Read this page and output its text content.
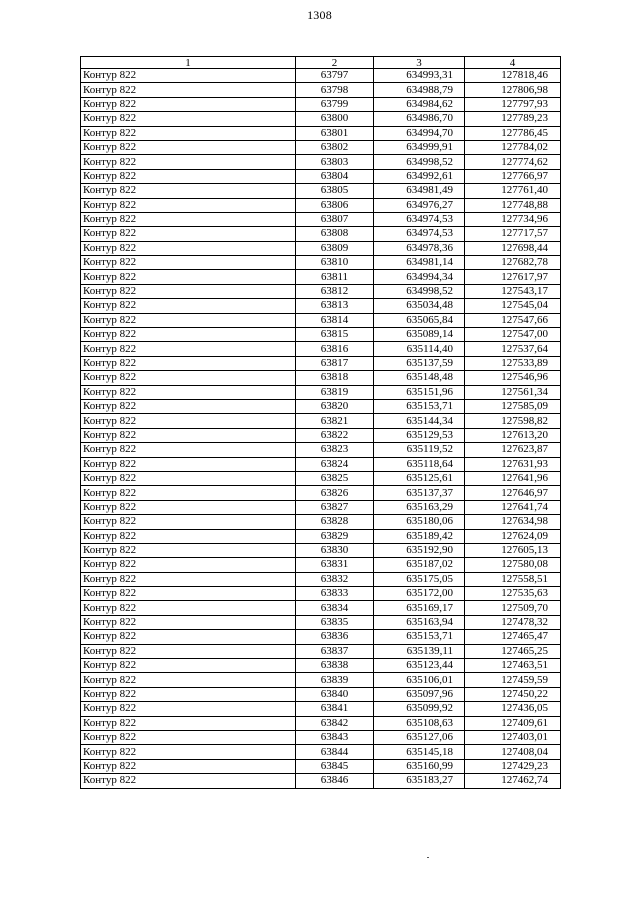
1308
1	2	3	4
Контур 822	63797	634993,31	127818,46
Контур 822	63798	634988,79	127806,98
Контур 822	63799	634984,62	127797,93
Контур 822	63800	634986,70	127789,23
Контур 822	63801	634994,70	127786,45
Контур 822	63802	634999,91	127784,02
Контур 822	63803	634998,52	127774,62
Контур 822	63804	634992,61	127766,97
Контур 822	63805	634981,49	127761,40
Контур 822	63806	634976,27	127748,88
Контур 822	63807	634974,53	127734,96
Контур 822	63808	634974,53	127717,57
Контур 822	63809	634978,36	127698,44
Контур 822	63810	634981,14	127682,78
Контур 822	63811	634994,34	127617,97
Контур 822	63812	634998,52	127543,17
Контур 822	63813	635034,48	127545,04
Контур 822	63814	635065,84	127547,66
Контур 822	63815	635089,14	127547,00
Контур 822	63816	635114,40	127537,64
Контур 822	63817	635137,59	127533,89
Контур 822	63818	635148,48	127546,96
Контур 822	63819	635151,96	127561,34
Контур 822	63820	635153,71	127585,09
Контур 822	63821	635144,34	127598,82
Контур 822	63822	635129,53	127613,20
Контур 822	63823	635119,52	127623,87
Контур 822	63824	635118,64	127631,93
Контур 822	63825	635125,61	127641,96
Контур 822	63826	635137,37	127646,97
Контур 822	63827	635163,29	127641,74
Контур 822	63828	635180,06	127634,98
Контур 822	63829	635189,42	127624,09
Контур 822	63830	635192,90	127605,13
Контур 822	63831	635187,02	127580,08
Контур 822	63832	635175,05	127558,51
Контур 822	63833	635172,00	127535,63
Контур 822	63834	635169,17	127509,70
Контур 822	63835	635163,94	127478,32
Контур 822	63836	635153,71	127465,47
Контур 822	63837	635139,11	127465,25
Контур 822	63838	635123,44	127463,51
Контур 822	63839	635106,01	127459,59
Контур 822	63840	635097,96	127450,22
Контур 822	63841	635099,92	127436,05
Контур 822	63842	635108,63	127409,61
Контур 822	63843	635127,06	127403,01
Контур 822	63844	635145,18	127408,04
Контур 822	63845	635160,99	127429,23
Контур 822	63846	635183,27	127462,74
